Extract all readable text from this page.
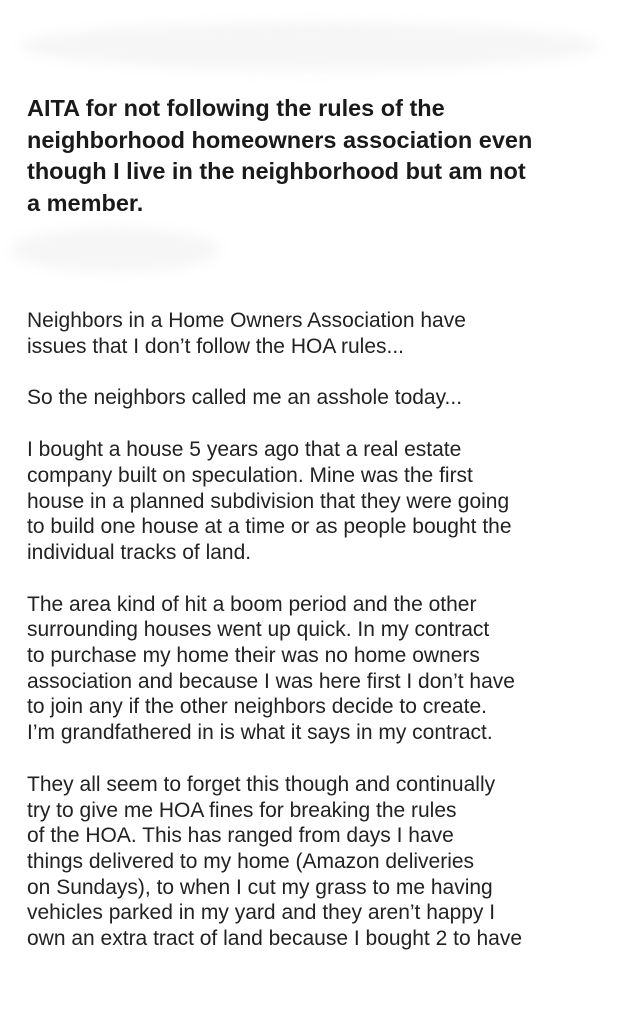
AITA for not following the rules of the
neighborhood homeowners association even
though I live in the neighborhood but am not
a member.

Neighbors in a Home Owners Association have
issues that I don’t follow the HOA rules...

So the neighbors called me an asshole today...

I bought a house 5 years ago that a real estate
company built on speculation. Mine was the first
house in a planned subdivision that they were going
to build one house at a time or as people bought the
individual tracks of land.

The area kind of hit a boom period and the other
surrounding houses went up quick. In my contract
to purchase my home their was no home owners
association and because I was here first I don’t have
to join any if the other neighbors decide to create.
I’m grandfathered in is what it says in my contract.

They all seem to forget this though and continually
try to give me HOA fines for breaking the rules
of the HOA. This has ranged from days I have
things delivered to my home (Amazon deliveries
on Sundays), to when I cut my grass to me having
vehicles parked in my yard and they aren’t happy I
own an extra tract of land because I bought 2 to have
